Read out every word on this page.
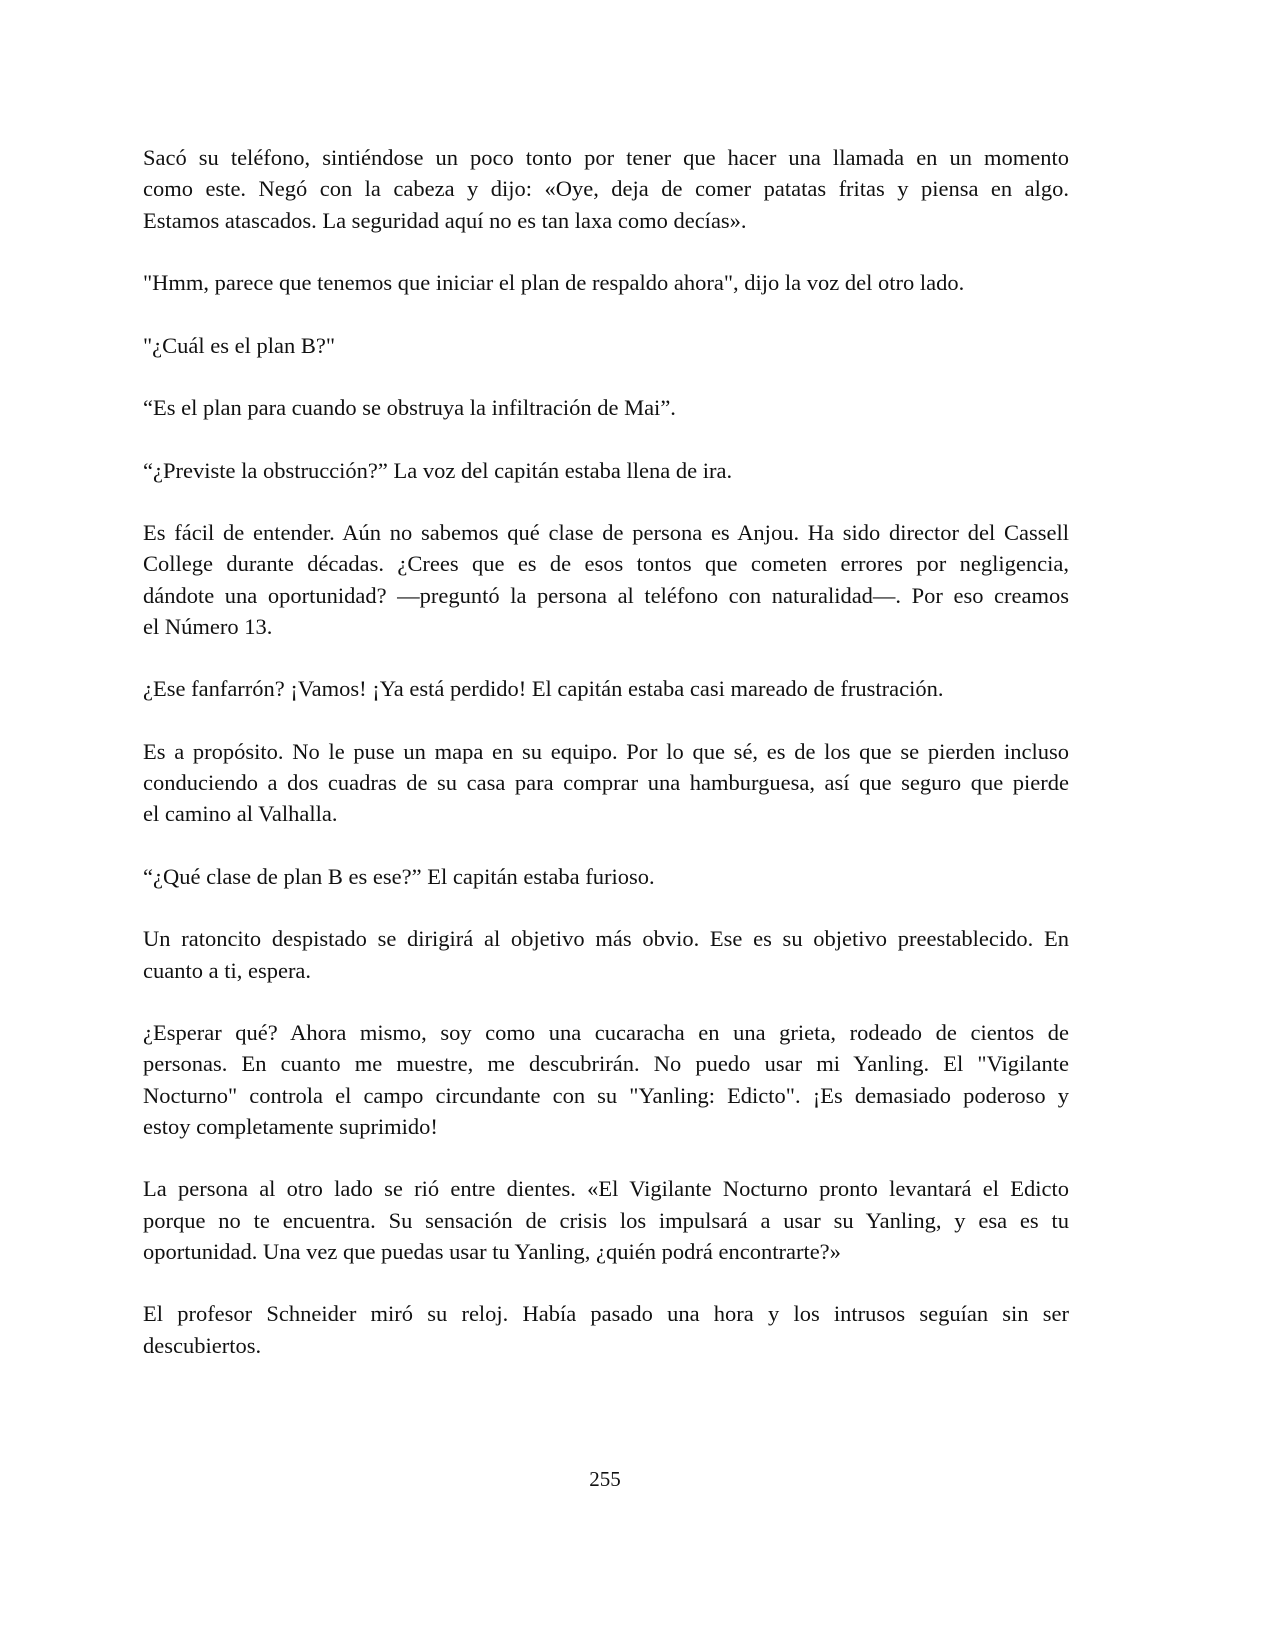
Sacó su teléfono, sintiéndose un poco tonto por tener que hacer una llamada en un momento
como este. Negó con la cabeza y dijo: «Oye, deja de comer patatas fritas y piensa en algo.
Estamos atascados. La seguridad aquí no es tan laxa como decías».

"Hmm, parece que tenemos que iniciar el plan de respaldo ahora", dijo la voz del otro lado.

"¿Cuál es el plan B?"

“Es el plan para cuando se obstruya la infiltración de Mai”.

“¿Previste la obstrucción?” La voz del capitán estaba llena de ira.

Es fácil de entender. Aún no sabemos qué clase de persona es Anjou. Ha sido director del Cassell
College durante décadas. ¿Crees que es de esos tontos que cometen errores por negligencia,
dándote una oportunidad? —preguntó la persona al teléfono con naturalidad—. Por eso creamos
el Número 13.

¿Ese fanfarrón? ¡Vamos! ¡Ya está perdido! El capitán estaba casi mareado de frustración.

Es a propósito. No le puse un mapa en su equipo. Por lo que sé, es de los que se pierden incluso
conduciendo a dos cuadras de su casa para comprar una hamburguesa, así que seguro que pierde
el camino al Valhalla.

“¿Qué clase de plan B es ese?” El capitán estaba furioso.

Un ratoncito despistado se dirigirá al objetivo más obvio. Ese es su objetivo preestablecido. En
cuanto a ti, espera.

¿Esperar qué? Ahora mismo, soy como una cucaracha en una grieta, rodeado de cientos de
personas. En cuanto me muestre, me descubrirán. No puedo usar mi Yanling. El "Vigilante
Nocturno" controla el campo circundante con su "Yanling: Edicto". ¡Es demasiado poderoso y
estoy completamente suprimido!

La persona al otro lado se rió entre dientes. «El Vigilante Nocturno pronto levantará el Edicto
porque no te encuentra. Su sensación de crisis los impulsará a usar su Yanling, y esa es tu
oportunidad. Una vez que puedas usar tu Yanling, ¿quién podrá encontrarte?»

El profesor Schneider miró su reloj. Había pasado una hora y los intrusos seguían sin ser
descubiertos.

255
